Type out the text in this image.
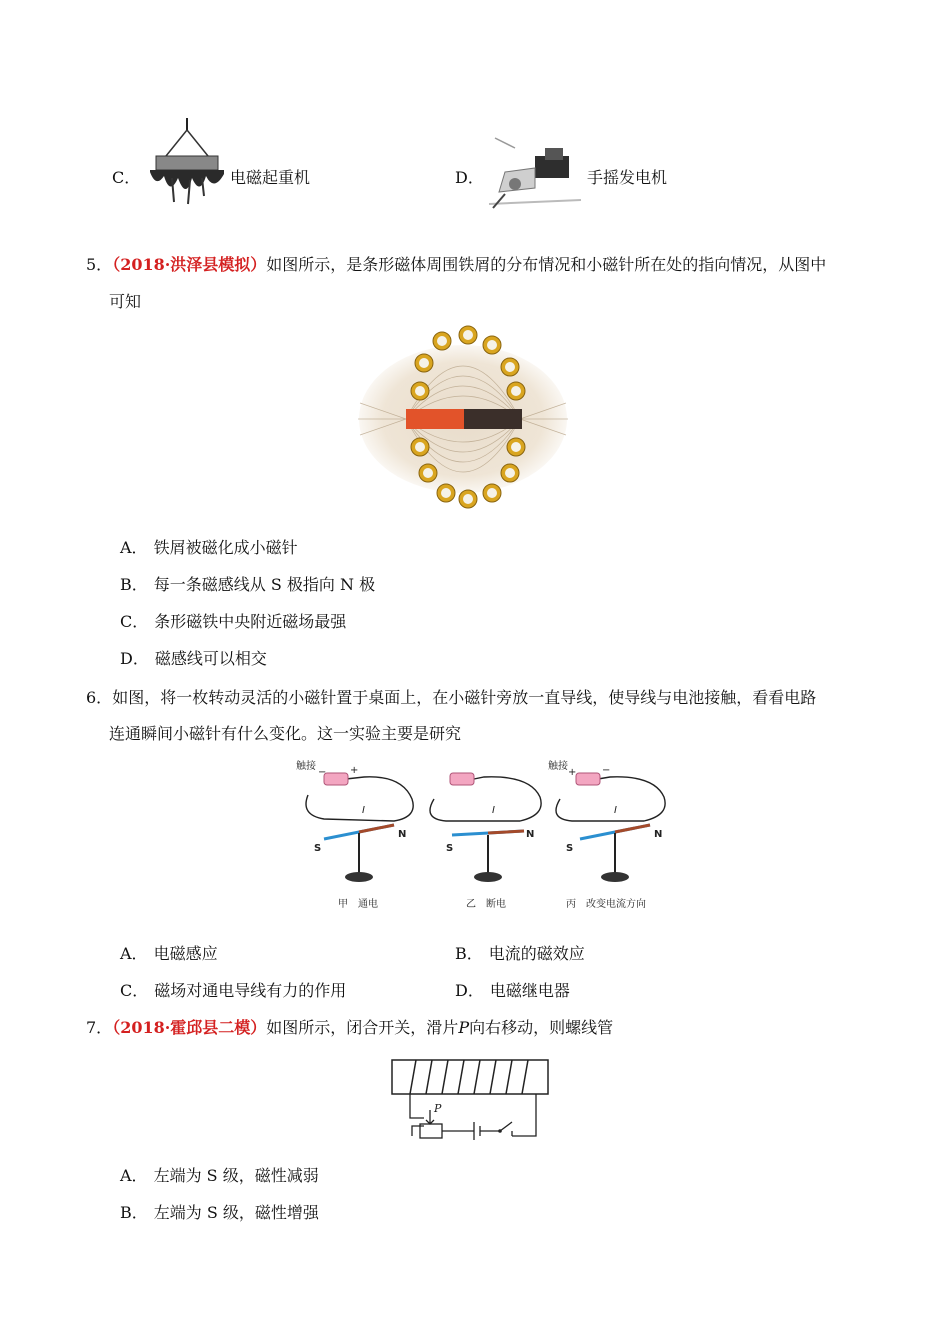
C．	电磁起重机	D．	手摇发电机
5．（2018·洪泽县模拟）如图所示，是条形磁体周围铁屑的分布情况和小磁针所在处的指向情况，从图中
可知
A． 铁屑被磁化成小磁针
B． 每一条磁感线从 S 极指向 N 极
C． 条形磁铁中央附近磁场最强
D． 磁感线可以相交
6．如图，将一枚转动灵活的小磁针置于桌面上，在小磁针旁放一直导线，使导线与电池接触，看看电路
连通瞬间小磁针有什么变化。这一实验主要是研究
触接
− +
I
S
N
甲　通电
I
S
N
乙　断电
触接
+	−
I
S
N
丙　改变电流方向
A． 电磁感应	B． 电流的磁效应
C． 磁场对通电导线有力的作用	D． 电磁继电器
7．（2018·霍邱县二模）如图所示，闭合开关，滑片P向右移动，则螺线管
P
A． 左端为 S 级，磁性减弱
B． 左端为 S 级，磁性增强
